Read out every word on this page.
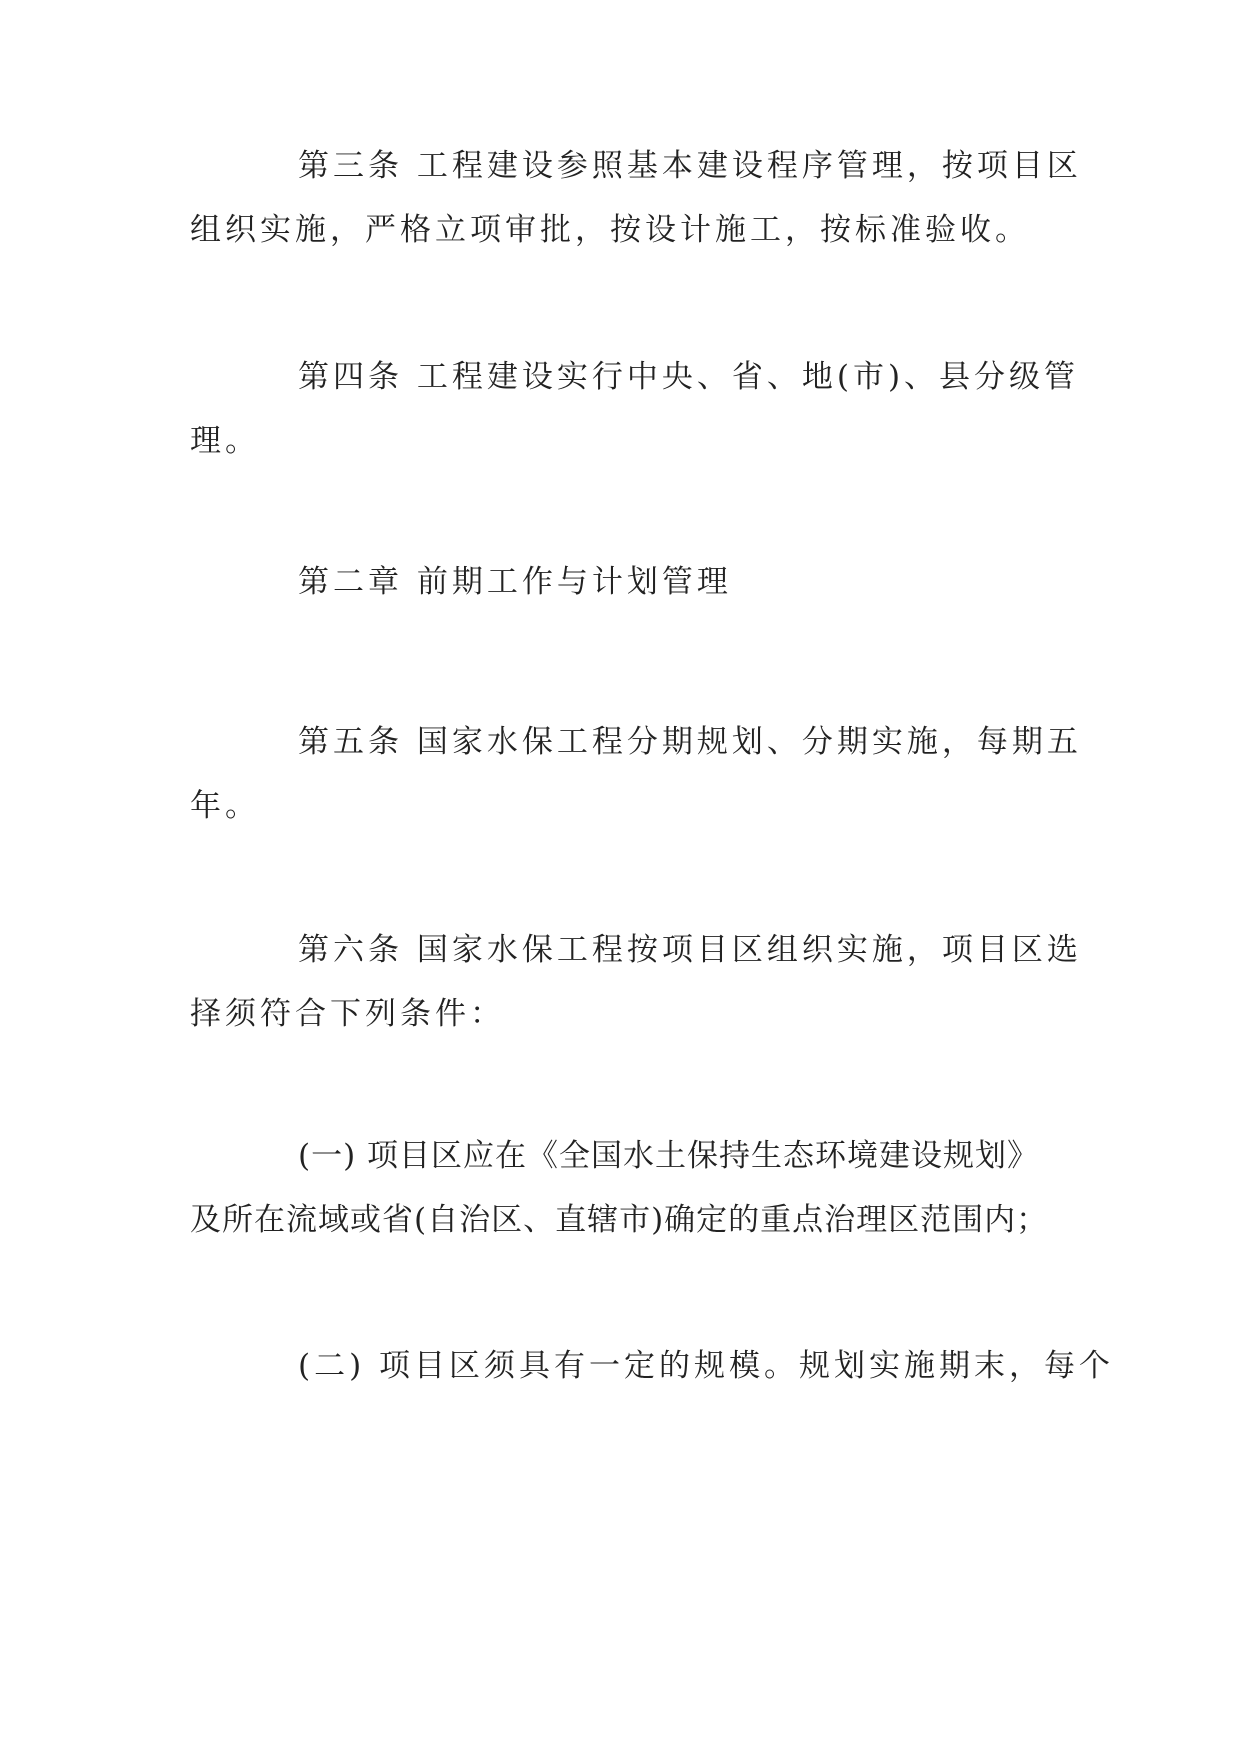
第三条 工程建设参照基本建设程序管理，按项目区
组织实施，严格立项审批，按设计施工，按标准验收。
第四条 工程建设实行中央、省、地(市)、县分级管
理。
第二章 前期工作与计划管理
第五条 国家水保工程分期规划、分期实施，每期五
年。
第六条 国家水保工程按项目区组织实施，项目区选
择须符合下列条件：
(一) 项目区应在《全国水土保持生态环境建设规划》
及所在流域或省(自治区、直辖市)确定的重点治理区范围内；
(二) 项目区须具有一定的规模。规划实施期末，每个
